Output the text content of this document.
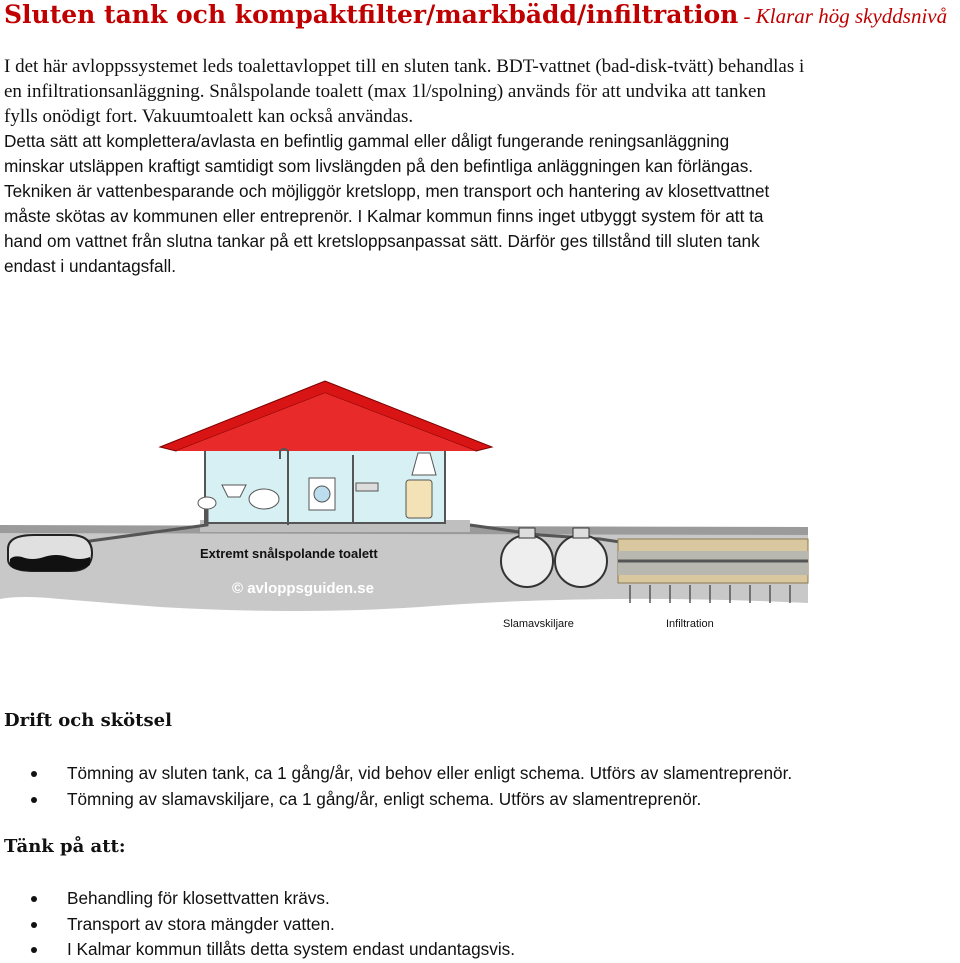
Sluten tank och kompaktfilter/markbädd/infiltration - Klarar hög skyddsnivå
I det här avloppssystemet leds toalettavloppet till en sluten tank. BDT-vattnet (bad-disk-tvätt) behandlas i
en infiltrationsanläggning. Snålspolande toalett (max 1l/spolning) används för att undvika att tanken
fylls onödigt fort. Vakuumtoalett kan också användas.
Detta sätt att komplettera/avlasta en befintlig gammal eller dåligt fungerande reningsanläggning
minskar utsläppen kraftigt samtidigt som livslängden på den befintliga anläggningen kan förlängas.
Tekniken är vattenbesparande och möjliggör kretslopp, men transport och hantering av klosettvattnet
måste skötas av kommunen eller entreprenör. I Kalmar kommun finns inget utbyggt system för att ta
hand om vattnet från slutna tankar på ett kretsloppsanpassat sätt. Därför ges tillstånd till sluten tank
endast i undantagsfall.
Extremt snålspolande toalett
© avloppsguiden.se
Slamavskiljare	Infiltration
Drift och skötsel
Tömning av sluten tank, ca 1 gång/år, vid behov eller enligt schema. Utförs av slamentreprenör.
Tömning av slamavskiljare, ca 1 gång/år, enligt schema. Utförs av slamentreprenör.
Tänk på att:
Behandling för klosettvatten krävs.
Transport av stora mängder vatten.
I Kalmar kommun tillåts detta system endast undantagsvis.
